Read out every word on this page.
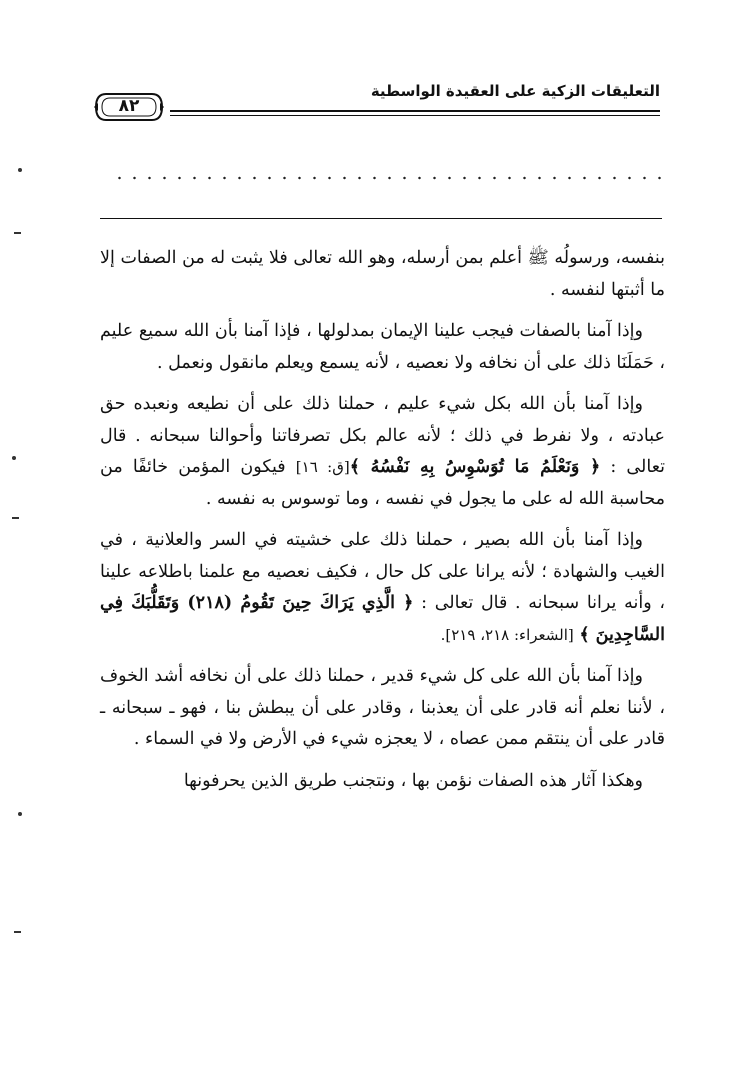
التعليقات الزكية على العقيدة الواسطية
٨٢

بنفسه، ورسولُه ﷺ أعلم بمن أرسله، وهو الله تعالى فلا يثبت له من الصفات إلا ما أثبتها لنفسه .

وإذا آمنا بالصفات فيجب علينا الإيمان بمدلولها ، فإذا آمنا بأن الله سميع عليم ، حَمَلَنَا ذلك على أن نخافه ولا نعصيه ، لأنه يسمع ويعلم مانقول ونعمل .

وإذا آمنا بأن الله بكل شيء عليم ، حملنا ذلك على أن نطيعه ونعبده حق عبادته ، ولا نفرط في ذلك ؛ لأنه عالم بكل تصرفاتنا وأحوالنا سبحانه . قال تعالى : ﴿ وَنَعْلَمُ مَا تُوَسْوِسُ بِهِ نَفْسُهُ ﴾[ق: ١٦] فيكون المؤمن خائفًا من محاسبة الله له على ما يجول في نفسه ، وما توسوس به نفسه .

وإذا آمنا بأن الله بصير ، حملنا ذلك على خشيته في السر والعلانية ، في الغيب والشهادة ؛ لأنه يرانا على كل حال ، فكيف نعصيه مع علمنا باطلاعه علينا ، وأنه يرانا سبحانه . قال تعالى : ﴿ الَّذِي يَرَاكَ حِينَ تَقُومُ (٢١٨) وَتَقَلُّبَكَ فِي السَّاجِدِينَ ﴾ [الشعراء: ٢١٨، ٢١٩].

وإذا آمنا بأن الله على كل شيء قدير ، حملنا ذلك على أن نخافه أشد الخوف ، لأننا نعلم أنه قادر على أن يعذبنا ، وقادر على أن يبطش بنا ، فهو ـ سبحانه ـ قادر على أن ينتقم ممن عصاه ، لا يعجزه شيء في الأرض ولا في السماء .

وهكذا آثار هذه الصفات نؤمن بها ، ونتجنب طريق الذين يحرفونها
